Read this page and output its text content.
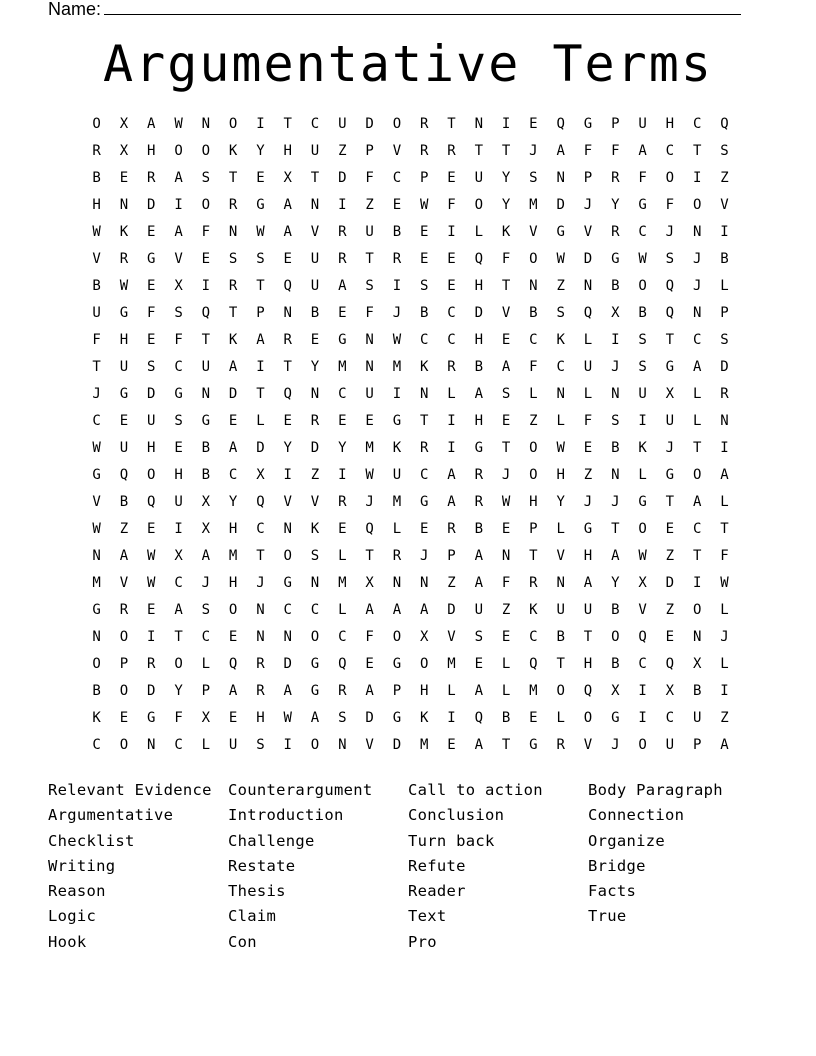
Name:
Argumentative Terms
O	X	A	W	N	O	I	T	C	U	D	O	R	T	N	I	E	Q	G	P	U	H	C	Q
R	X	H	O	O	K	Y	H	U	Z	P	V	R	R	T	T	J	A	F	F	A	C	T	S
B	E	R	A	S	T	E	X	T	D	F	C	P	E	U	Y	S	N	P	R	F	O	I	Z
H	N	D	I	O	R	G	A	N	I	Z	E	W	F	O	Y	M	D	J	Y	G	F	O	V
W	K	E	A	F	N	W	A	V	R	U	B	E	I	L	K	V	G	V	R	C	J	N	I
V	R	G	V	E	S	S	E	U	R	T	R	E	E	Q	F	O	W	D	G	W	S	J	B
B	W	E	X	I	R	T	Q	U	A	S	I	S	E	H	T	N	Z	N	B	O	Q	J	L
U	G	F	S	Q	T	P	N	B	E	F	J	B	C	D	V	B	S	Q	X	B	Q	N	P
F	H	E	F	T	K	A	R	E	G	N	W	C	C	H	E	C	K	L	I	S	T	C	S
T	U	S	C	U	A	I	T	Y	M	N	M	K	R	B	A	F	C	U	J	S	G	A	D
J	G	D	G	N	D	T	Q	N	C	U	I	N	L	A	S	L	N	L	N	U	X	L	R
C	E	U	S	G	E	L	E	R	E	E	G	T	I	H	E	Z	L	F	S	I	U	L	N
W	U	H	E	B	A	D	Y	D	Y	M	K	R	I	G	T	O	W	E	B	K	J	T	I
G	Q	O	H	B	C	X	I	Z	I	W	U	C	A	R	J	O	H	Z	N	L	G	O	A
V	B	Q	U	X	Y	Q	V	V	R	J	M	G	A	R	W	H	Y	J	J	G	T	A	L
W	Z	E	I	X	H	C	N	K	E	Q	L	E	R	B	E	P	L	G	T	O	E	C	T
N	A	W	X	A	M	T	O	S	L	T	R	J	P	A	N	T	V	H	A	W	Z	T	F
M	V	W	C	J	H	J	G	N	M	X	N	N	Z	A	F	R	N	A	Y	X	D	I	W
G	R	E	A	S	O	N	C	C	L	A	A	A	D	U	Z	K	U	U	B	V	Z	O	L
N	O	I	T	C	E	N	N	O	C	F	O	X	V	S	E	C	B	T	O	Q	E	N	J
O	P	R	O	L	Q	R	D	G	Q	E	G	O	M	E	L	Q	T	H	B	C	Q	X	L
B	O	D	Y	P	A	R	A	G	R	A	P	H	L	A	L	M	O	Q	X	I	X	B	I
K	E	G	F	X	E	H	W	A	S	D	G	K	I	Q	B	E	L	O	G	I	C	U	Z
C	O	N	C	L	U	S	I	O	N	V	D	M	E	A	T	G	R	V	J	O	U	P	A
Relevant Evidence	Counterargument	Call to action	Body Paragraph
Argumentative	Introduction	Conclusion	Connection
Checklist	Challenge	Turn back	Organize
Writing	Restate	Refute	Bridge
Reason	Thesis	Reader	Facts
Logic	Claim	Text	True
Hook	Con	Pro
